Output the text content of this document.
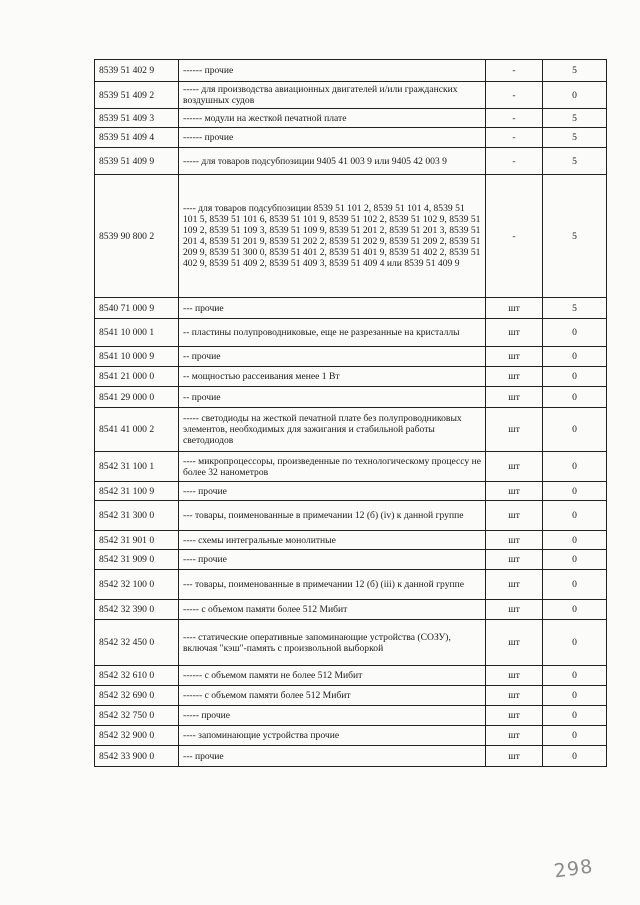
8539 51 402 9	------ прочие	-	5
8539 51 409 2	----- для производства авиационных двигателей и/или гражданских воздушных судов	-	0
8539 51 409 3	------ модули на жесткой печатной плате	-	5
8539 51 409 4	------ прочие	-	5
8539 51 409 9	----- для товаров подсубпозиции 9405 41 003 9 или 9405 42 003 9	-	5
8539 90 800 2	---- для товаров подсубпозиции 8539 51 101 2, 8539 51 101 4, 8539 51 101 5, 8539 51 101 6, 8539 51 101 9, 8539 51 102 2, 8539 51 102 9, 8539 51 109 2, 8539 51 109 3, 8539 51 109 9, 8539 51 201 2, 8539 51 201 3, 8539 51 201 4, 8539 51 201 9, 8539 51 202 2, 8539 51 202 9, 8539 51 209 2, 8539 51 209 9, 8539 51 300 0, 8539 51 401 2, 8539 51 401 9, 8539 51 402 2, 8539 51 402 9, 8539 51 409 2, 8539 51 409 3, 8539 51 409 4 или 8539 51 409 9	-	5
8540 71 000 9	--- прочие	шт	5
8541 10 000 1	-- пластины полупроводниковые, еще не разрезанные на кристаллы	шт	0
8541 10 000 9	-- прочие	шт	0
8541 21 000 0	-- мощностью рассеивания менее 1 Вт	шт	0
8541 29 000 0	-- прочие	шт	0
8541 41 000 2	----- светодиоды на жесткой печатной плате без полупроводниковых элементов, необходимых для зажигания и стабильной работы светодиодов	шт	0
8542 31 100 1	---- микропроцессоры, произведенные по технологическому процессу не более 32 нанометров	шт	0
8542 31 100 9	---- прочие	шт	0
8542 31 300 0	--- товары, поименованные в примечании 12 (б) (iv) к данной группе	шт	0
8542 31 901 0	---- схемы интегральные монолитные	шт	0
8542 31 909 0	---- прочие	шт	0
8542 32 100 0	--- товары, поименованные в примечании 12 (б) (iii) к данной группе	шт	0
8542 32 390 0	----- с объемом памяти более 512 Мибит	шт	0
8542 32 450 0	---- статические оперативные запоминающие устройства (СОЗУ), включая "кэш"-память с произвольной выборкой	шт	0
8542 32 610 0	------ с объемом памяти не более 512 Мибит	шт	0
8542 32 690 0	------ с объемом памяти более 512 Мибит	шт	0
8542 32 750 0	----- прочие	шт	0
8542 32 900 0	---- запоминающие устройства прочие	шт	0
8542 33 900 0	--- прочие	шт	0
298
